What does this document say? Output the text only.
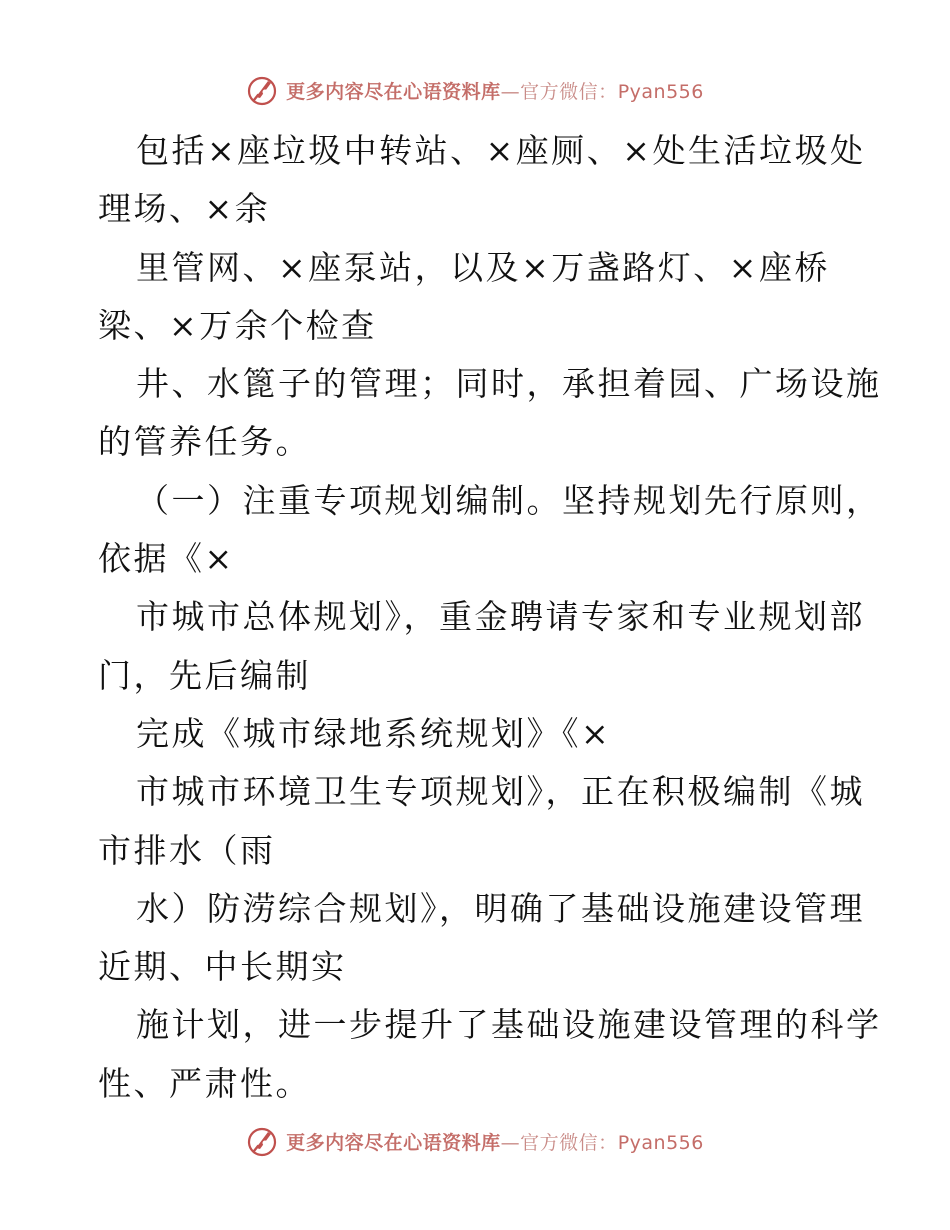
更多内容尽在心语资料库—官方微信：Pyan556
包括×座垃圾中转站、×座厕、×处生活垃圾处
理场、×余
里管网、×座泵站，以及×万盏路灯、×座桥
梁、×万余个检查
井、水篦子的管理；同时，承担着园、广场设施
的管养任务。
（一）注重专项规划编制。坚持规划先行原则，
依据《×
市城市总体规划》，重金聘请专家和专业规划部
门，先后编制
完成《城市绿地系统规划》《×
市城市环境卫生专项规划》，正在积极编制《城
市排水（雨
水）防涝综合规划》，明确了基础设施建设管理
近期、中长期实
施计划，进一步提升了基础设施建设管理的科学
性、严肃性。
更多内容尽在心语资料库—官方微信：Pyan556
